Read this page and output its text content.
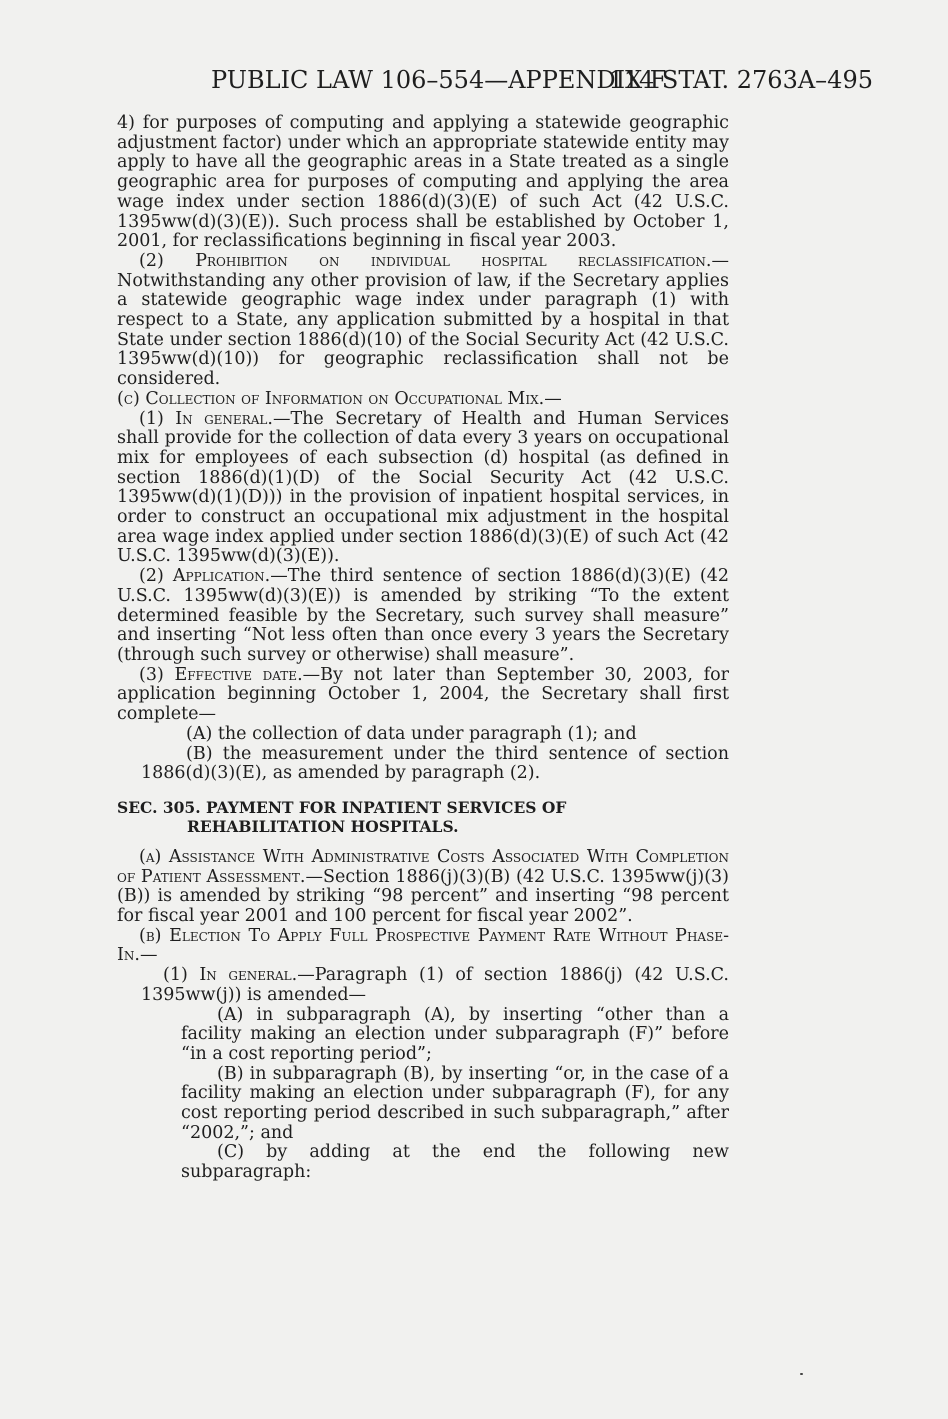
PUBLIC LAW 106–554—APPENDIX F
114 STAT. 2763A–495

4) for purposes of computing and applying a statewide geographic adjustment factor) under which an appropriate statewide entity may apply to have all the geographic areas in a State treated as a single geographic area for purposes of computing and applying the area wage index under section 1886(d)(3)(E) of such Act (42 U.S.C. 1395ww(d)(3)(E)). Such process shall be established by October 1, 2001, for reclassifications beginning in fiscal year 2003.

(2) Prohibition on individual hospital reclassification.—Notwithstanding any other provision of law, if the Secretary applies a statewide geographic wage index under paragraph (1) with respect to a State, any application submitted by a hospital in that State under section 1886(d)(10) of the Social Security Act (42 U.S.C. 1395ww(d)(10)) for geographic reclassification shall not be considered.

(c) Collection of Information on Occupational Mix.—

(1) In general.—The Secretary of Health and Human Services shall provide for the collection of data every 3 years on occupational mix for employees of each subsection (d) hospital (as defined in section 1886(d)(1)(D) of the Social Security Act (42 U.S.C. 1395ww(d)(1)(D))) in the provision of inpatient hospital services, in order to construct an occupational mix adjustment in the hospital area wage index applied under section 1886(d)(3)(E) of such Act (42 U.S.C. 1395ww(d)(3)(E)).

(2) Application.—The third sentence of section 1886(d)(3)(E) (42 U.S.C. 1395ww(d)(3)(E)) is amended by striking “To the extent determined feasible by the Secretary, such survey shall measure” and inserting “Not less often than once every 3 years the Secretary (through such survey or otherwise) shall measure”.

(3) Effective date.—By not later than September 30, 2003, for application beginning October 1, 2004, the Secretary shall first complete—

(A) the collection of data under paragraph (1); and

(B) the measurement under the third sentence of section 1886(d)(3)(E), as amended by paragraph (2).

SEC. 305. PAYMENT FOR INPATIENT SERVICES OF REHABILITATION HOSPITALS.

(a) Assistance With Administrative Costs Associated With Completion of Patient Assessment.—Section 1886(j)(3)(B) (42 U.S.C. 1395ww(j)(3)(B)) is amended by striking “98 percent” and inserting “98 percent for fiscal year 2001 and 100 percent for fiscal year 2002”.

(b) Election To Apply Full Prospective Payment Rate Without Phase-In.—

(1) In general.—Paragraph (1) of section 1886(j) (42 U.S.C. 1395ww(j)) is amended—

(A) in subparagraph (A), by inserting “other than a facility making an election under subparagraph (F)” before “in a cost reporting period”;

(B) in subparagraph (B), by inserting “or, in the case of a facility making an election under subparagraph (F), for any cost reporting period described in such subparagraph,” after “2002,”; and

(C) by adding at the end the following new subparagraph:
